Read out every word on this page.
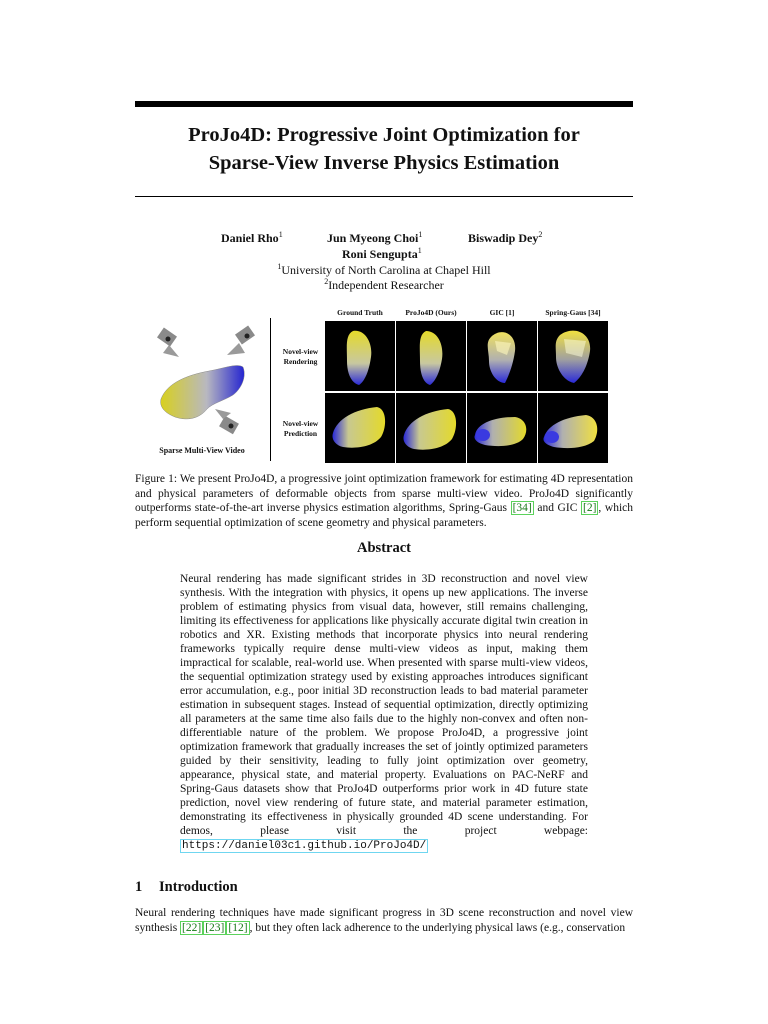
ProJo4D: Progressive Joint Optimization for
Sparse-View Inverse Physics Estimation
Daniel Rho$^1$	Jun Myeong Choi$^1$	Biswadip Dey$^2$
Roni Sengupta$^1$
$^1$University of North Carolina at Chapel Hill
$^2$Independent Researcher
Sparse Multi-View Video
Ground Truth	ProJo4D (Ours)	GIC [1]	Spring-Gaus [34]
Novel-view
Rendering
Novel-view
Prediction
Figure 1: We present ProJo4D, a progressive joint optimization framework for estimating 4D representation and physical parameters of deformable objects from sparse multi-view video. ProJo4D significantly outperforms state-of-the-art inverse physics estimation algorithms, Spring-Gaus [34] and GIC [2] , which perform sequential optimization of scene geometry and physical parameters.
Abstract
Neural rendering has made significant strides in 3D reconstruction and novel view synthesis. With the integration with physics, it opens up new applications. The inverse problem of estimating physics from visual data, however, still remains challenging, limiting its effectiveness for applications like physically accurate digital twin creation in robotics and XR. Existing methods that incorporate physics into neural rendering frameworks typically require dense multi-view videos as input, making them impractical for scalable, real-world use. When presented with sparse multi-view videos, the sequential optimization strategy used by existing approaches introduces significant error accumulation, e.g., poor initial 3D reconstruction leads to bad material parameter estimation in subsequent stages. Instead of sequential optimization, directly optimizing all parameters at the same time also fails due to the highly non-convex and often non-differentiable nature of the problem. We propose ProJo4D, a progressive joint optimization framework that gradually increases the set of jointly optimized parameters guided by their sensitivity, leading to fully joint optimization over geometry, appearance, physical state, and material property. Evaluations on PAC-NeRF and Spring-Gaus datasets show that ProJo4D outperforms prior work in 4D future state prediction, novel view rendering of future state, and material parameter estimation, demonstrating its effectiveness in physically grounded 4D scene understanding. For demos, please visit the project webpage: https://daniel03c1.github.io/ProJo4D/
1 Introduction
Neural rendering techniques have made significant progress in 3D scene reconstruction and novel view synthesis [22] [23] [12] , but they often lack adherence to the underlying physical laws (e.g., conservation
